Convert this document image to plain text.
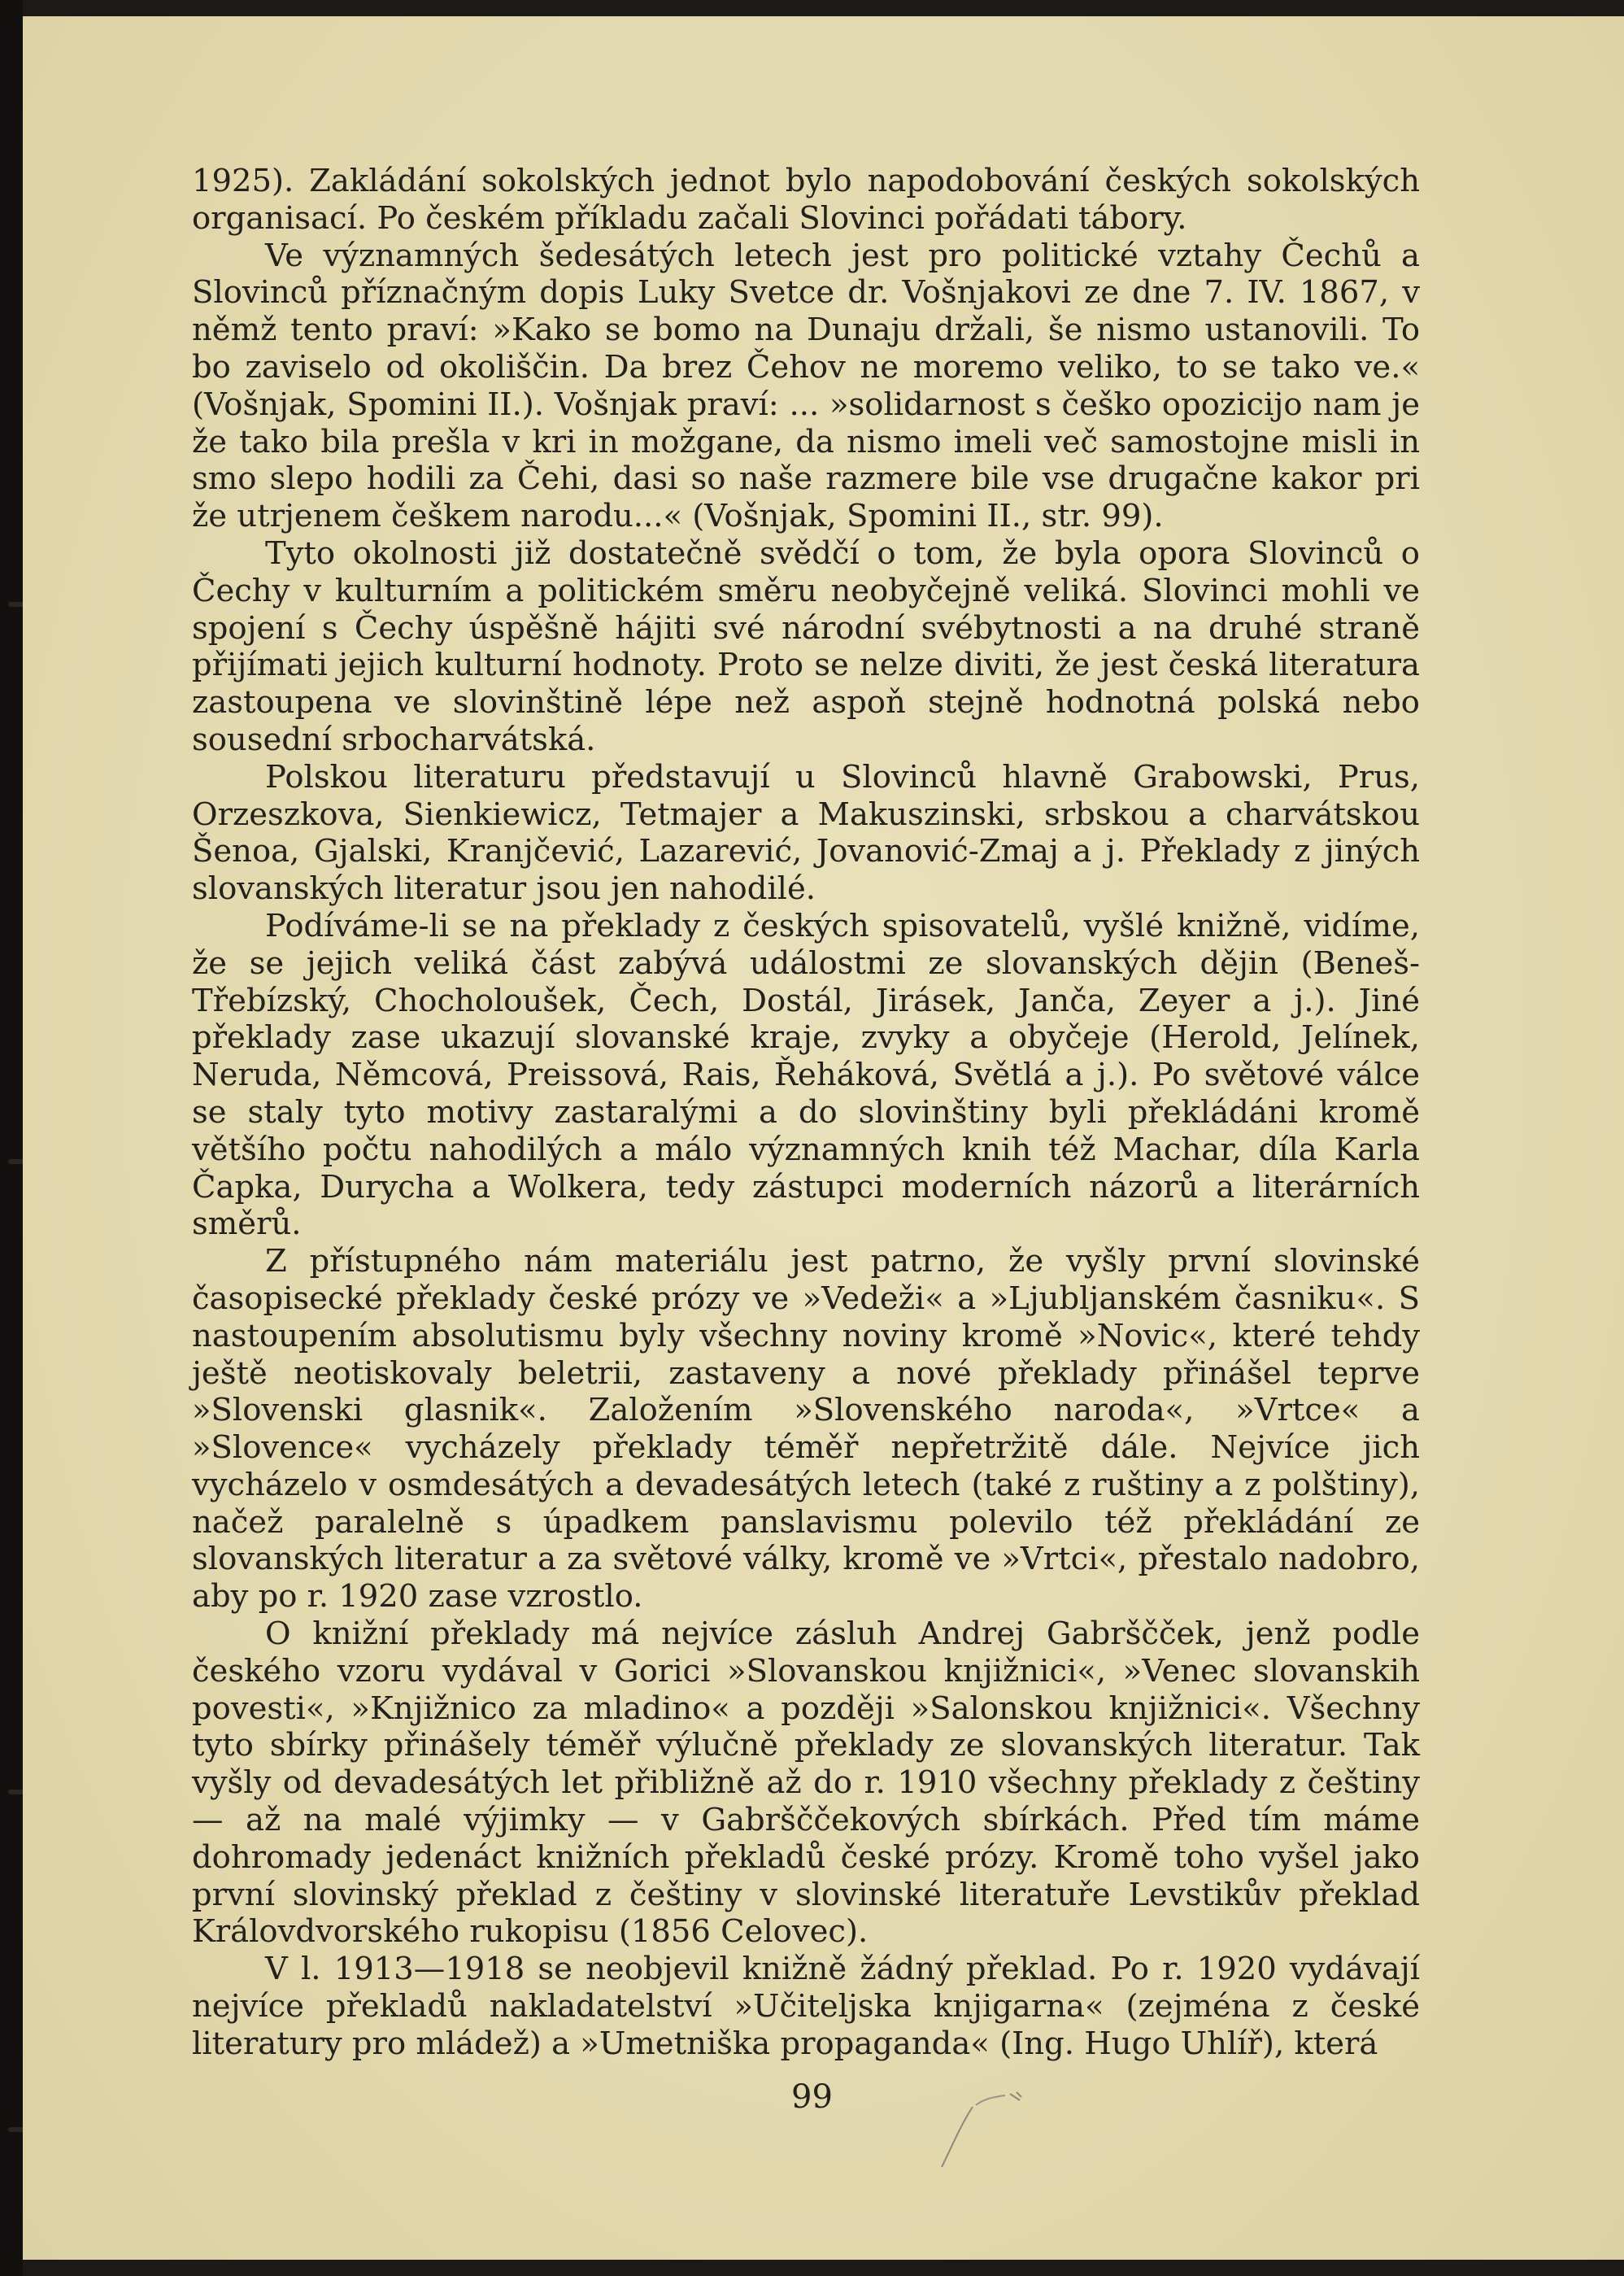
1925). Zakládání sokolských jednot bylo napodobování českých sokolských organisací. Po českém příkladu začali Slovinci pořádati tábory.

Ve významných šedesátých letech jest pro politické vztahy Čechů a Slovinců příznačným dopis Luky Svetce dr. Vošnjakovi ze dne 7. IV. 1867, v němž tento praví: »Kako se bomo na Dunaju držali, še nismo ustanovili. To bo zaviselo od okoliščin. Da brez Čehov ne moremo veliko, to se tako ve.« (Vošnjak, Spomini II.). Vošnjak praví: ... »solidarnost s češko opozicijo nam je že tako bila prešla v kri in možgane, da nismo imeli več samostojne misli in smo slepo hodili za Čehi, dasi so naše razmere bile vse drugačne kakor pri že utrjenem češkem narodu...« (Vošnjak, Spomini II., str. 99).

Tyto okolnosti již dostatečně svědčí o tom, že byla opora Slovinců o Čechy v kulturním a politickém směru neobyčejně veliká. Slovinci mohli ve spojení s Čechy úspěšně hájiti své národní svébytnosti a na druhé straně přijímati jejich kulturní hodnoty. Proto se nelze diviti, že jest česká literatura zastoupena ve slovinštině lépe než aspoň stejně hodnotná polská nebo sousední srbocharvátská.

Polskou literaturu představují u Slovinců hlavně Grabowski, Prus, Orzeszkova, Sienkiewicz, Tetmajer a Makuszinski, srbskou a charvátskou Šenoa, Gjalski, Kranjčević, Lazarević, Jovanović-Zmaj a j. Překlady z jiných slovanských literatur jsou jen nahodilé.

Podíváme-li se na překlady z českých spisovatelů, vyšlé knižně, vidíme, že se jejich veliká část zabývá událostmi ze slovanských dějin (Beneš-Třebízský, Chocholoušek, Čech, Dostál, Jirásek, Janča, Zeyer a j.). Jiné překlady zase ukazují slovanské kraje, zvyky a obyčeje (Herold, Jelínek, Neruda, Němcová, Preissová, Rais, Řeháková, Světlá a j.). Po světové válce se staly tyto motivy zastaralými a do slovinštiny byli překládáni kromě většího počtu nahodilých a málo významných knih též Machar, díla Karla Čapka, Durycha a Wolkera, tedy zástupci moderních názorů a literárních směrů.

Z přístupného nám materiálu jest patrno, že vyšly první slovinské časopisecké překlady české prózy ve »Vedeži« a »Ljubljanském časniku«. S nastoupením absolutismu byly všechny noviny kromě »Novic«, které tehdy ještě neotiskovaly beletrii, zastaveny a nové překlady přinášel teprve »Slovenski glasnik«. Založením »Slovenského naroda«, »Vrtce« a »Slovence« vycházely překlady téměř nepřetržitě dále. Nejvíce jich vycházelo v osmdesátých a devadesátých letech (také z ruštiny a z polštiny), načež paralelně s úpadkem panslavismu polevilo též překládání ze slovanských literatur a za světové války, kromě ve »Vrtci«, přestalo nadobro, aby po r. 1920 zase vzrostlo.

O knižní překlady má nejvíce zásluh Andrej Gabrščček, jenž podle českého vzoru vydával v Gorici »Slovanskou knjižnici«, »Venec slovanskih povesti«, »Knjižnico za mladino« a později »Salonskou knjižnici«. Všechny tyto sbírky přinášely téměř výlučně překlady ze slovanských literatur. Tak vyšly od devadesátých let přibližně až do r. 1910 všechny překlady z češtiny — až na malé výjimky — v Gabršččekových sbírkách. Před tím máme dohromady jedenáct knižních překladů české prózy. Kromě toho vyšel jako první slovinský překlad z češtiny v slovinské literatuře Levstikův překlad Královdvorského rukopisu (1856 Celovec).

V l. 1913—1918 se neobjevil knižně žádný překlad. Po r. 1920 vydávají nejvíce překladů nakladatelství »Učiteljska knjigarna« (zejména z české literatury pro mládež) a »Umetniška propaganda« (Ing. Hugo Uhlíř), která

99
